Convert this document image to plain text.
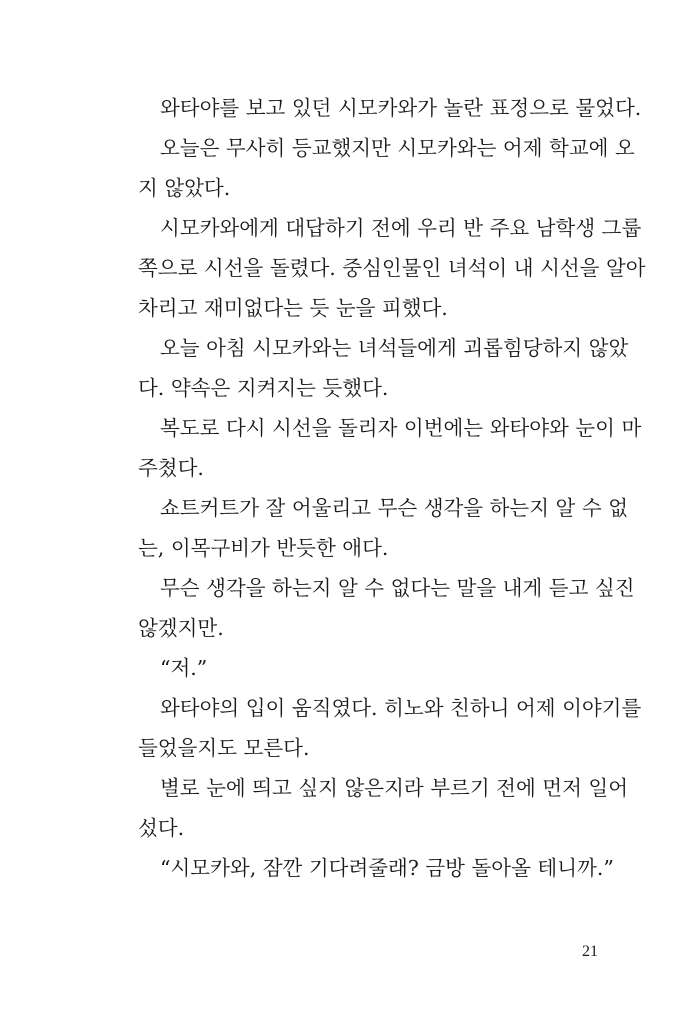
와타야를 보고 있던 시모카와가 놀란 표정으로 물었다.
오늘은 무사히 등교했지만 시모카와는 어제 학교에 오
지 않았다.
시모카와에게 대답하기 전에 우리 반 주요 남학생 그룹
쪽으로 시선을 돌렸다. 중심인물인 녀석이 내 시선을 알아
차리고 재미없다는 듯 눈을 피했다.
오늘 아침 시모카와는 녀석들에게 괴롭힘당하지 않았
다. 약속은 지켜지는 듯했다.
복도로 다시 시선을 돌리자 이번에는 와타야와 눈이 마
주쳤다.
쇼트커트가 잘 어울리고 무슨 생각을 하는지 알 수 없
는, 이목구비가 반듯한 애다.
무슨 생각을 하는지 알 수 없다는 말을 내게 듣고 싶진
않겠지만.
“저.”
와타야의 입이 움직였다. 히노와 친하니 어제 이야기를
들었을지도 모른다.
별로 눈에 띄고 싶지 않은지라 부르기 전에 먼저 일어
섰다.
“시모카와, 잠깐 기다려줄래? 금방 돌아올 테니까.”
21
